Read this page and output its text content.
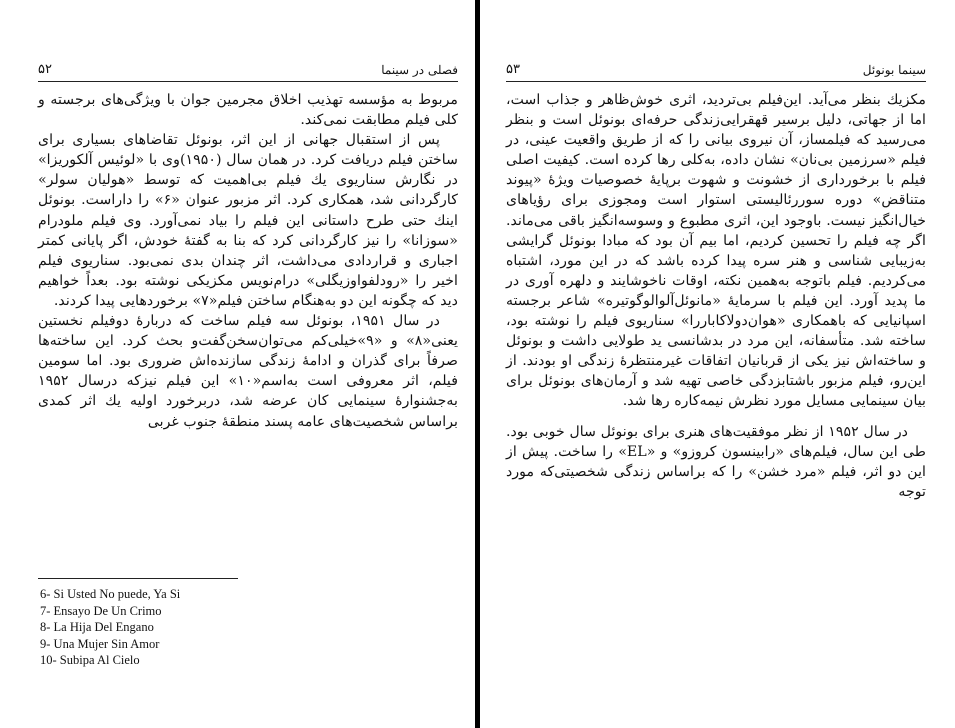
فصلی در سینما
۵۲

مربوط به مؤسسه تهذیب اخلاق مجرمین جوان با ویژگی‌های برجسته و کلی فیلم مطابقت نمی‌کند.

پس از استقبال جهانی از این اثر، بونوئل تقاضاهای بسیاری برای ساختن فیلم دریافت کرد. در همان سال (۱۹۵۰)وی با «لوئیس آلکوریزا» در نگارش سناریوی یك فیلم بی‌اهمیت که توسط «هولیان سولر» کارگردانی شد، همکاری کرد. اثر مزبور عنوان «۶» را داراست. بونوئل اینك حتی طرح داستانی این فیلم را بیاد نمی‌آورد. وی فیلم ملودرام «سوزانا» را نیز کارگردانی کرد که بنا به گفتهٔ خودش، اگر پایانی کمتر اجباری و قراردادی می‌داشت، اثر چندان بدی نمی‌بود. سناریوی فیلم اخیر را «رودلفواوزیگلی» درام‌نویس مکزیکی نوشته بود. بعداً خواهیم دید که چگونه این دو به‌هنگام ساختن فیلم«۷» برخوردهایی پیدا کردند.

در سال ۱۹۵۱، بونوئل سه فیلم ساخت که دربارهٔ دوفیلم نخستین یعنی«۸» و «۹»خیلی‌کم می‌توان‌سخن‌گفت‌و بحث کرد. این ساخته‌ها صرفاً برای گذران و ادامهٔ زندگی سازنده‌اش ضروری بود. اما سومین فیلم، اثر معروفی است به‌اسم«۱۰» این فیلم نیزکه درسال ۱۹۵۲ به‌جشنوارهٔ سینمایی کان عرضه شد، دربرخورد اولیه یك اثر کمدی براساس شخصیت‌های عامه پسند منطقهٔ جنوب غربی

6- Si Usted No puede, Ya Si
7- Ensayo De Un Crimo
8- La Hija Del Engano
9- Una Mujer Sin Amor
10- Subipa Al Cielo
سینما بونوئل
۵۳

مکزیك بنظر می‌آید. این‌فیلم بی‌تردید، اثری خوش‌ظاهر و جذاب است، اما از جهاتی، دلیل برسیر قهقرایی‌زندگی حرفه‌ای بونوئل است و بنظر می‌رسید که فیلمساز، آن نیروی بیانی را که از طریق واقعیت عینی، در فیلم «سرزمین بی‌نان» نشان داده، به‌کلی رها کرده است. کیفیت اصلی فیلم با برخورداری از خشونت و شهوت برپایهٔ خصوصیات ویژهٔ «پیوند متناقض» دوره سوررئالیستی استوار است ومجوزی برای رؤیاهای خیال‌انگیز نیست. باوجود این، اثری مطبوع و وسوسه‌انگیز باقی می‌ماند. اگر چه فیلم را تحسین کردیم، اما بیم آن بود که مبادا بونوئل گرایشی به‌زیبایی شناسی و هنر سره پیدا کرده باشد که در این مورد، اشتباه می‌کردیم. فیلم باتوجه به‌همین نکته، اوقات ناخوشایند و دلهره آوری در ما پدید آورد. این فیلم با سرمایهٔ «مانوئل‌آلوالوگوتیره» شاعر برجسته اسپانیایی که باهمکاری «هوان‌دولاکاباررا» سناریوی فیلم را نوشته بود، ساخته شد. متأسفانه، این مرد در بدشانسی ید طولایی داشت و بونوئل و ساخته‌اش نیز یکی از قربانیان اتفاقات غیرمنتظرهٔ زندگی او بودند. از این‌رو، فیلم مزبور باشتابزدگی خاصی تهیه شد و آرمان‌های بونوئل برای بیان سینمایی مسایل مورد نظرش نیمه‌کاره رها شد.

در سال ۱۹۵۲ از نظر موفقیت‌های هنری برای بونوئل سال خوبی بود. طی این سال، فیلم‌های «رابینسون کروزو» و «EL» را ساخت. پیش از این دو اثر، فیلم «مرد خشن» را که براساس زندگی شخصیتی‌که مورد توجه
